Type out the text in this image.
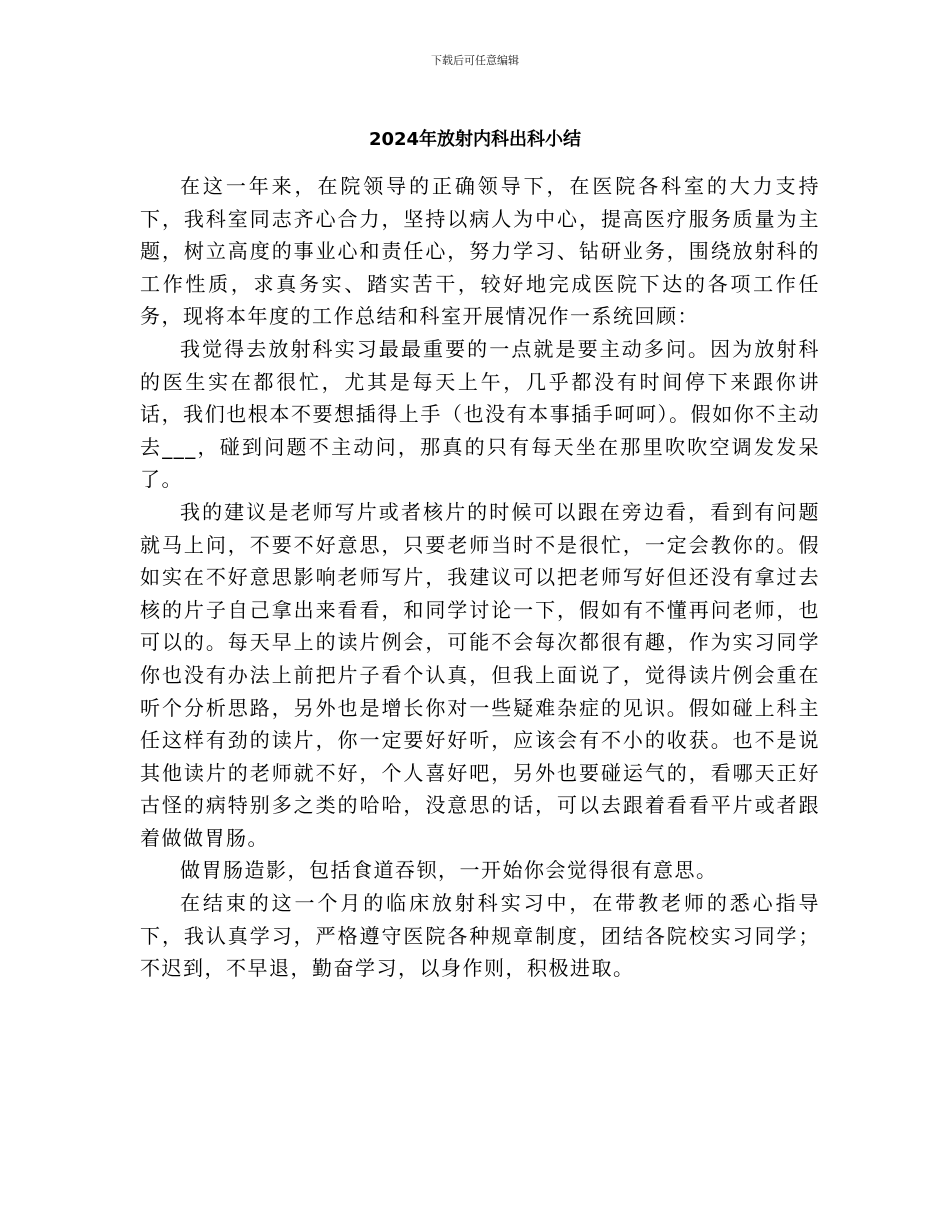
下载后可任意编辑
2024年放射内科出科小结

在这一年来，在院领导的正确领导下，在医院各科室的大力支持下，我科室同志齐心合力，坚持以病人为中心，提高医疗服务质量为主题，树立高度的事业心和责任心，努力学习、钻研业务，围绕放射科的工作性质，求真务实、踏实苦干，较好地完成医院下达的各项工作任务，现将本年度的工作总结和科室开展情况作一系统回顾：

我觉得去放射科实习最最重要的一点就是要主动多问。因为放射科的医生实在都很忙，尤其是每天上午，几乎都没有时间停下来跟你讲话，我们也根本不要想插得上手（也没有本事插手呵呵）。假如你不主动去___，碰到问题不主动问，那真的只有每天坐在那里吹吹空调发发呆了。

我的建议是老师写片或者核片的时候可以跟在旁边看，看到有问题就马上问，不要不好意思，只要老师当时不是很忙，一定会教你的。假如实在不好意思影响老师写片，我建议可以把老师写好但还没有拿过去核的片子自己拿出来看看，和同学讨论一下，假如有不懂再问老师，也可以的。每天早上的读片例会，可能不会每次都很有趣，作为实习同学你也没有办法上前把片子看个认真，但我上面说了，觉得读片例会重在听个分析思路，另外也是增长你对一些疑难杂症的见识。假如碰上科主任这样有劲的读片，你一定要好好听，应该会有不小的收获。也不是说其他读片的老师就不好，个人喜好吧，另外也要碰运气的，看哪天正好古怪的病特别多之类的哈哈，没意思的话，可以去跟着看看平片或者跟着做做胃肠。

做胃肠造影，包括食道吞钡，一开始你会觉得很有意思。

在结束的这一个月的临床放射科实习中，在带教老师的悉心指导下，我认真学习，严格遵守医院各种规章制度，团结各院校实习同学；不迟到，不早退，勤奋学习，以身作则，积极进取。
